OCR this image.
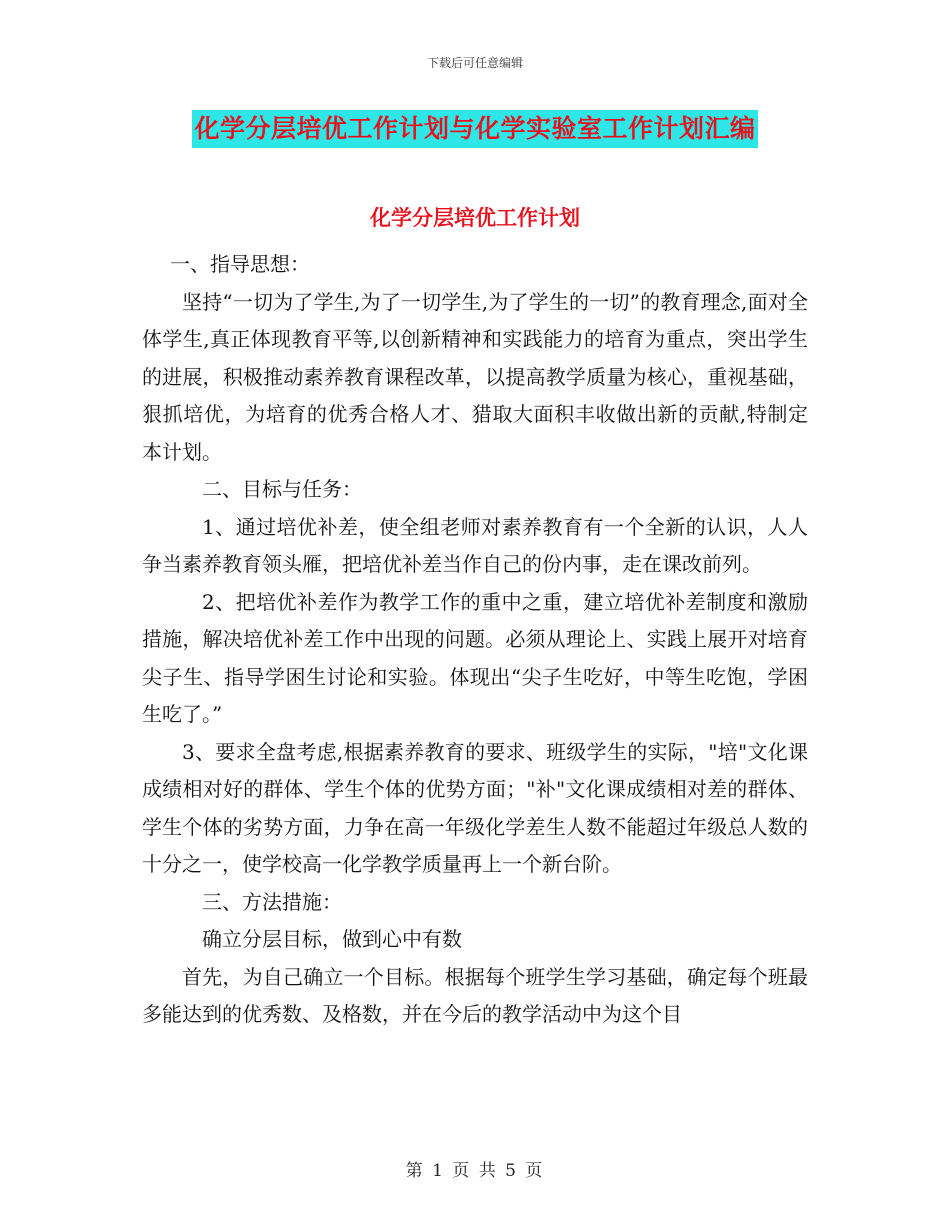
下载后可任意编辑
化学分层培优工作计划与化学实验室工作计划汇编
化学分层培优工作计划

一、指导思想：

坚持“一切为了学生,为了一切学生,为了学生的一切”的教育理念,面对全体学生,真正体现教育平等,以创新精神和实践能力的培育为重点，突出学生的进展，积极推动素养教育课程改革，以提高教学质量为核心，重视基础，狠抓培优，为培育的优秀合格人才、猎取大面积丰收做出新的贡献,特制定本计划。

二、目标与任务：

1、通过培优补差，使全组老师对素养教育有一个全新的认识，人人争当素养教育领头雁，把培优补差当作自己的份内事，走在课改前列。

2、把培优补差作为教学工作的重中之重，建立培优补差制度和激励措施，解决培优补差工作中出现的问题。必须从理论上、实践上展开对培育尖子生、指导学困生讨论和实验。体现出“尖子生吃好，中等生吃饱，学困生吃了。”

3、要求全盘考虑,根据素养教育的要求、班级学生的实际，"培"文化课成绩相对好的群体、学生个体的优势方面；"补"文化课成绩相对差的群体、学生个体的劣势方面，力争在高一年级化学差生人数不能超过年级总人数的十分之一，使学校高一化学教学质量再上一个新台阶。

三、方法措施：

确立分层目标，做到心中有数

首先，为自己确立一个目标。根据每个班学生学习基础，确定每个班最多能达到的优秀数、及格数，并在今后的教学活动中为这个目

第 1 页 共 5 页
